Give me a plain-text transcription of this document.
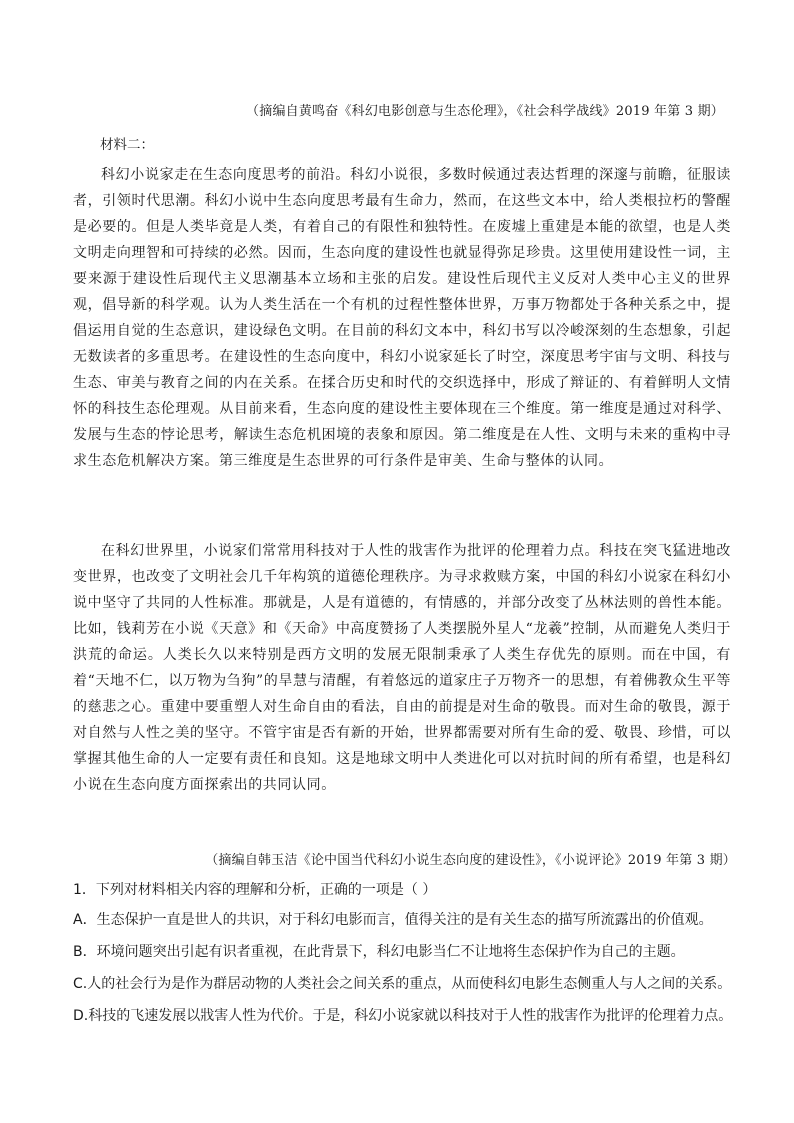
（摘编自黄鸣奋《科幻电影创意与生态伦理》，《社会科学战线》2019 年第 3 期）
材料二：
科幻小说家走在生态向度思考的前沿。科幻小说很，多数时候通过表达哲理的深邃与前瞻，征服读者，引领时代思潮。科幻小说中生态向度思考最有生命力，然而，在这些文本中，给人类根拉朽的警醒是必要的。但是人类毕竟是人类，有着自己的有限性和独特性。在废墟上重建是本能的欲望，也是人类文明走向理智和可持续的必然。因而，生态向度的建设性也就显得弥足珍贵。这里使用建设性一词，主要来源于建设性后现代主义思潮基本立场和主张的启发。建设性后现代主义反对人类中心主义的世界观，倡导新的科学观。认为人类生活在一个有机的过程性整体世界，万事万物都处于各种关系之中，提倡运用自觉的生态意识，建设绿色文明。在目前的科幻文本中，科幻书写以冷峻深刻的生态想象，引起无数读者的多重思考。在建设性的生态向度中，科幻小说家延长了时空，深度思考宇宙与文明、科技与生态、审美与教育之间的内在关系。在揉合历史和时代的交织选择中，形成了辩证的、有着鲜明人文情怀的科技生态伦理观。从目前来看，生态向度的建设性主要体现在三个维度。第一维度是通过对科学、发展与生态的悖论思考，解读生态危机困境的表象和原因。第二维度是在人性、文明与未来的重构中寻求生态危机解决方案。第三维度是生态世界的可行条件是审美、生命与整体的认同。
在科幻世界里，小说家们常常用科技对于人性的戕害作为批评的伦理着力点。科技在突飞猛进地改变世界，也改变了文明社会几千年构筑的道德伦理秩序。为寻求救赎方案，中国的科幻小说家在科幻小说中坚守了共同的人性标准。那就是，人是有道德的，有情感的，并部分改变了丛林法则的兽性本能。比如，钱莉芳在小说《天意》和《天命》中高度赞扬了人类摆脱外星人“龙羲”控制，从而避免人类归于洪荒的命运。人类长久以来特别是西方文明的发展无限制秉承了人类生存优先的原则。而在中国，有着“天地不仁，以万物为刍狗”的旱慧与清醒，有着悠远的道家庄子万物齐一的思想，有着佛教众生平等的慈悲之心。重建中要重塑人对生命自由的看法，自由的前提是对生命的敬畏。而对生命的敬畏，源于对自然与人性之美的坚守。不管宇宙是否有新的开始，世界都需要对所有生命的爱、敬畏、珍惜，可以掌握其他生命的人一定要有责任和良知。这是地球文明中人类进化可以对抗时间的所有希望，也是科幻小说在生态向度方面探索出的共同认同。
（摘编自韩玉洁《论中国当代科幻小说生态向度的建设性》，《小说评论》2019 年第 3 期）
1．下列对材料相关内容的理解和分析，正确的一项是（ ）
A．生态保护一直是世人的共识，对于科幻电影而言，值得关注的是有关生态的描写所流露出的价值观。
B．环境问题突出引起有识者重视，在此背景下，科幻电影当仁不让地将生态保护作为自己的主题。
C.人的社会行为是作为群居动物的人类社会之间关系的重点，从而使科幻电影生态侧重人与人之间的关系。
D.科技的飞速发展以戕害人性为代价。于是，科幻小说家就以科技对于人性的戕害作为批评的伦理着力点。
